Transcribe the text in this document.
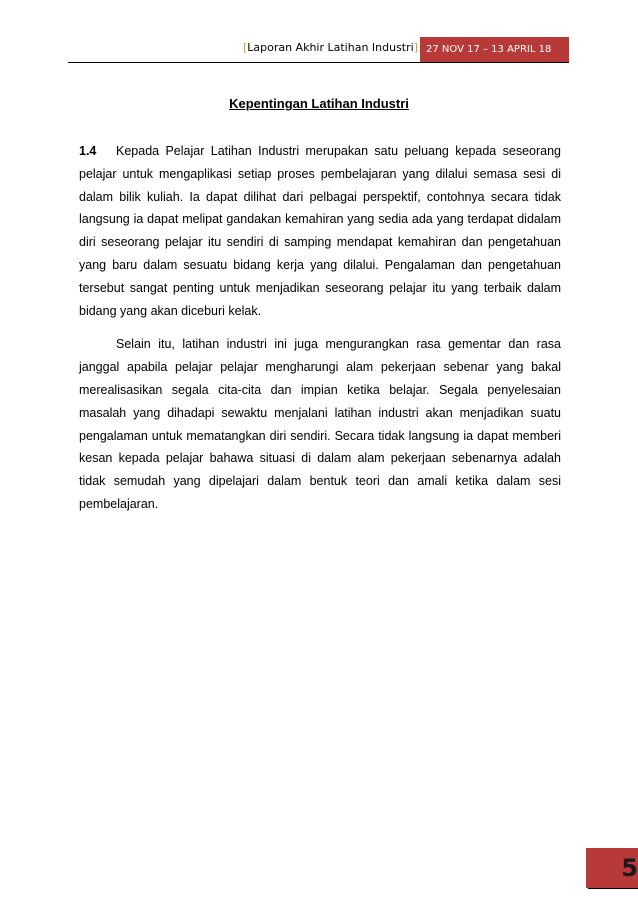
[Laporan Akhir Latihan Industri] 27 NOV 17 – 13 APRIL 18
Kepentingan Latihan Industri

1.4 Kepada Pelajar Latihan Industri merupakan satu peluang kepada seseorang pelajar untuk mengaplikasi setiap proses pembelajaran yang dilalui semasa sesi di dalam bilik kuliah. Ia dapat dilihat dari pelbagai perspektif, contohnya secara tidak langsung ia dapat melipat gandakan kemahiran yang sedia ada yang terdapat didalam diri seseorang pelajar itu sendiri di samping mendapat kemahiran dan pengetahuan yang baru dalam sesuatu bidang kerja yang dilalui. Pengalaman dan pengetahuan tersebut sangat penting untuk menjadikan seseorang pelajar itu yang terbaik dalam bidang yang akan diceburi kelak.

Selain itu, latihan industri ini juga mengurangkan rasa gementar dan rasa janggal apabila pelajar pelajar mengharungi alam pekerjaan sebenar yang bakal merealisasikan segala cita-cita dan impian ketika belajar. Segala penyelesaian masalah yang dihadapi sewaktu menjalani latihan industri akan menjadikan suatu pengalaman untuk mematangkan diri sendiri. Secara tidak langsung ia dapat memberi kesan kepada pelajar bahawa situasi di dalam alam pekerjaan sebenarnya adalah tidak semudah yang dipelajari dalam bentuk teori dan amali ketika dalam sesi pembelajaran.

5
